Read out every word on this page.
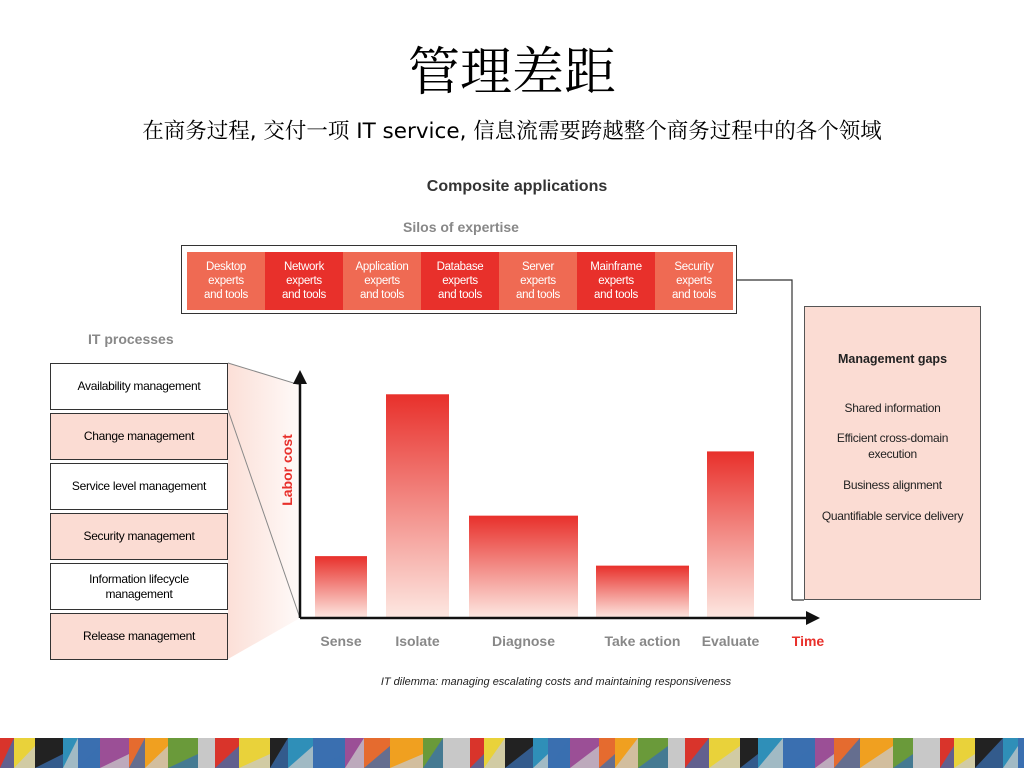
管理差距
在商务过程, 交付一项 IT service, 信息流需要跨越整个商务过程中的各个领域
Composite applications
Silos of expertise
Desktop
experts
and tools
Network
experts
and tools
Application
experts
and tools
Database
experts
and tools
Server
experts
and tools
Mainframe
experts
and tools
Security
experts
and tools
IT processes
Availability management
Change management
Service level management
Security management
Information lifecycle management
Release management
Management gaps
Shared information
Efficient cross-domain execution
Business alignment
Quantifiable service delivery
Labor cost
Time
Sense Isolate	Diagnose	Take action Evaluate
IT dilemma: managing escalating costs and maintaining responsiveness
